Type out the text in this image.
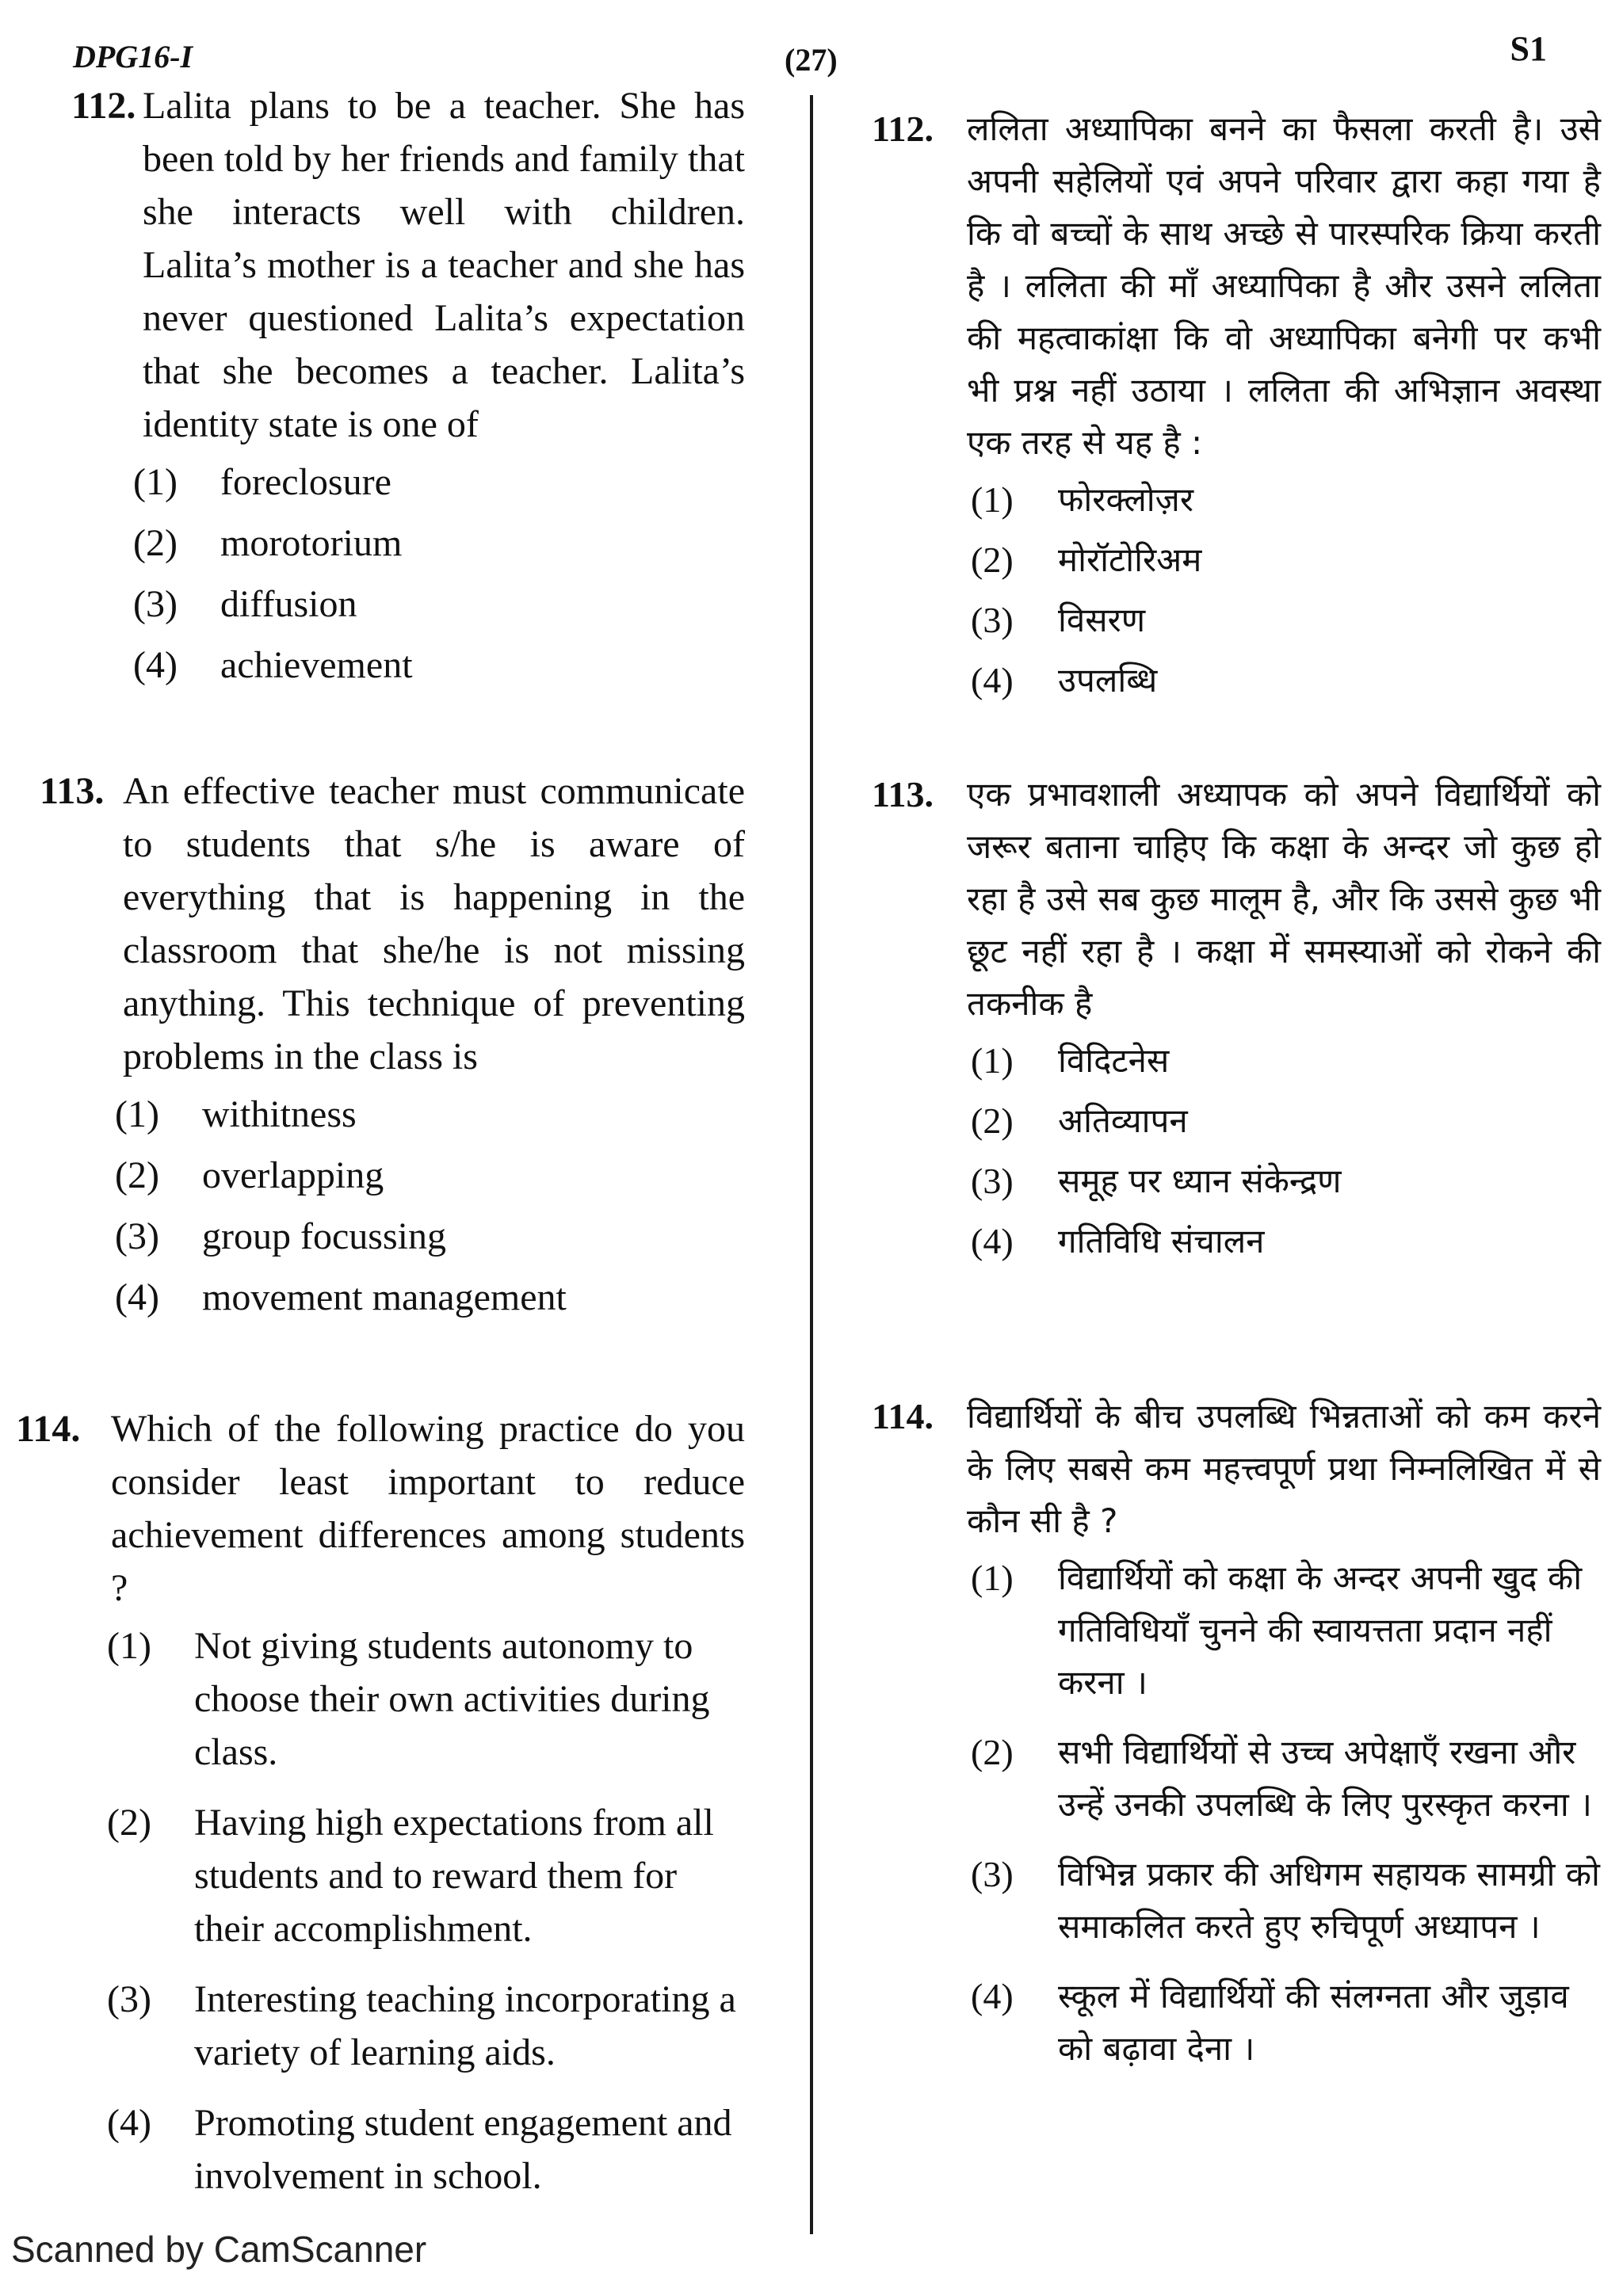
DPG16-I	(27)	S1
112. Lalita plans to be a teacher. She has been told by her friends and family that she interacts well with children. Lalita’s mother is a teacher and she has never questioned Lalita’s expectation that she becomes a teacher. Lalita’s identity state is one of
(1)	foreclosure
(2)	morotorium
(3)	diffusion
(4)	achievement
113. An effective teacher must communicate to students that s/he is aware of everything that is happening in the classroom that she/he is not missing anything. This technique of preventing problems in the class is
(1)	withitness
(2)	overlapping
(3)	group focussing
(4)	movement management
114. Which of the following practice do you consider least important to reduce achievement differences among students ?
(1)	Not giving students autonomy to choose their own activities during class.
(2)	Having high expectations from all students and to reward them for their accomplishment.
(3)	Interesting teaching incorporating a variety of learning aids.
(4)	Promoting student engagement and involvement in school.
112. ललिता अध्यापिका बनने का फैसला करती है। उसे अपनी सहेलियों एवं अपने परिवार द्वारा कहा गया है कि वो बच्चों के साथ अच्छे से पारस्परिक क्रिया करती है । ललिता की माँ अध्यापिका है और उसने ललिता की महत्वाकांक्षा कि वो अध्यापिका बनेगी पर कभी भी प्रश्न नहीं उठाया । ललिता की अभिज्ञान अवस्था एक तरह से यह है :
(1)	फोरक्लोज़र
(2)	मोरॉटोरिअम
(3)	विसरण
(4)	उपलब्धि
113. एक प्रभावशाली अध्यापक को अपने विद्यार्थियों को जरूर बताना चाहिए कि कक्षा के अन्दर जो कुछ हो रहा है उसे सब कुछ मालूम है, और कि उससे कुछ भी छूट नहीं रहा है । कक्षा में समस्याओं को रोकने की तकनीक है
(1)	विदिटनेस
(2)	अतिव्यापन
(3)	समूह पर ध्यान संकेन्द्रण
(4)	गतिविधि संचालन
114. विद्यार्थियों के बीच उपलब्धि भिन्नताओं को कम करने के लिए सबसे कम महत्त्वपूर्ण प्रथा निम्नलिखित में से कौन सी है ?
(1)	विद्यार्थियों को कक्षा के अन्दर अपनी खुद की गतिविधियाँ चुनने की स्वायत्तता प्रदान नहीं करना ।
(2)	सभी विद्यार्थियों से उच्च अपेक्षाएँ रखना और उन्हें उनकी उपलब्धि के लिए पुरस्कृत करना ।
(3)	विभिन्न प्रकार की अधिगम सहायक सामग्री को समाकलित करते हुए रुचिपूर्ण अध्यापन ।
(4)	स्कूल में विद्यार्थियों की संलग्नता और जुड़ाव को बढ़ावा देना ।
Scanned by CamScanner
